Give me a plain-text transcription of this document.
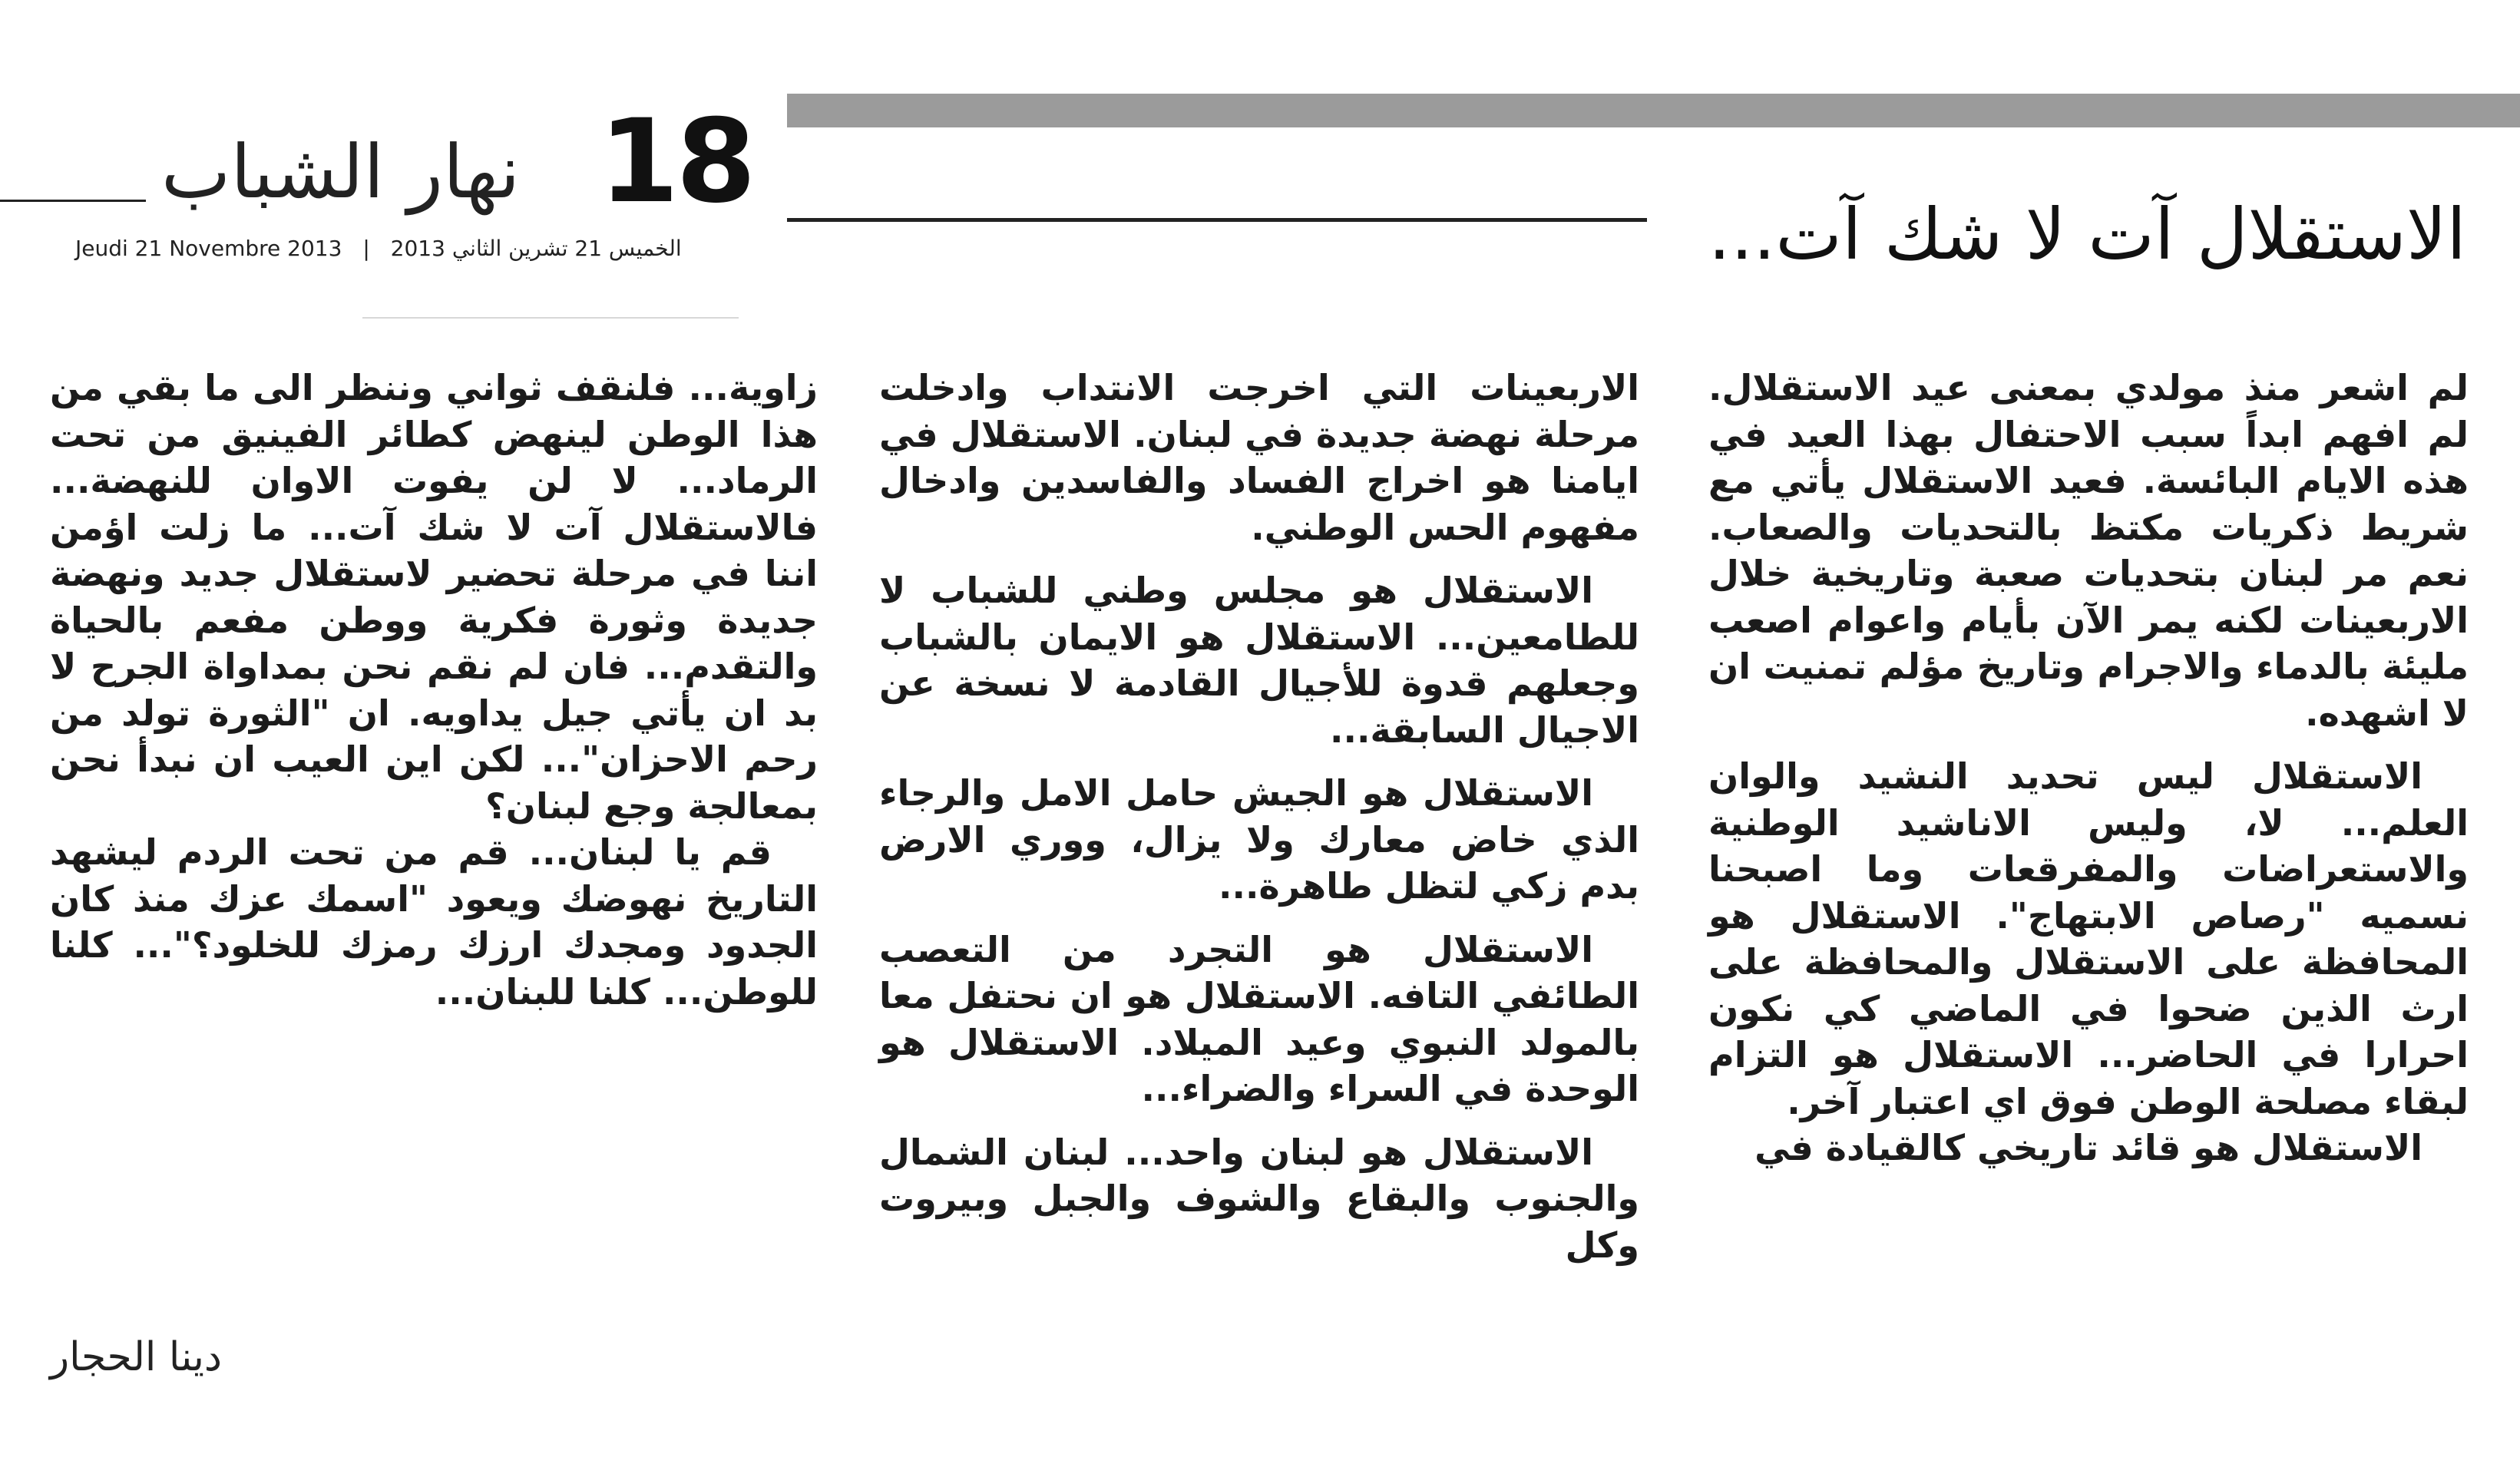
نهار الشباب 18
Jeudi 21 Novembre 2013 | الخميس 21 تشرين الثاني 2013	الاستقلال آت لا شك آت...

لم اشعر منذ مولدي بمعنى عيد الاستقلال. لم افهم ابداً سبب الاحتفال بهذا العيد في هذه الايام البائسة. فعيد الاستقلال يأتي مع شريط ذكريات مكتظ بالتحديات والصعاب. نعم مر لبنان بتحديات صعبة وتاريخية خلال الاربعينات لكنه يمر الآن بأيام واعوام اصعب مليئة بالدماء والاجرام وتاريخ مؤلم تمنيت ان لا اشهده.

الاستقلال ليس تحديد النشيد والوان العلم... لا، وليس الاناشيد الوطنية والاستعراضات والمفرقعات وما اصبحنا نسميه "رصاص الابتهاج". الاستقلال هو المحافظة على الاستقلال والمحافظة على ارث الذين ضحوا في الماضي كي نكون احرارا في الحاضر... الاستقلال هو التزام لبقاء مصلحة الوطن فوق اي اعتبار آخر.

الاستقلال هو قائد تاريخي كالقيادة في

الاربعينات التي اخرجت الانتداب وادخلت مرحلة نهضة جديدة في لبنان. الاستقلال في ايامنا هو اخراج الفساد والفاسدين وادخال مفهوم الحس الوطني.

الاستقلال هو مجلس وطني للشباب لا للطامعين... الاستقلال هو الايمان بالشباب وجعلهم قدوة للأجيال القادمة لا نسخة عن الاجيال السابقة...

الاستقلال هو الجيش حامل الامل والرجاء الذي خاض معارك ولا يزال، ووري الارض بدم زكي لتظل طاهرة...

الاستقلال هو التجرد من التعصب الطائفي التافه. الاستقلال هو ان نحتفل معا بالمولد النبوي وعيد الميلاد. الاستقلال هو الوحدة في السراء والضراء...

الاستقلال هو لبنان واحد... لبنان الشمال والجنوب والبقاع والشوف والجبل وبيروت وكل

زاوية... فلنقف ثواني وننظر الى ما بقي من هذا الوطن لينهض كطائر الفينيق من تحت الرماد... لا لن يفوت الاوان للنهضة... فالاستقلال آت لا شك آت... ما زلت اؤمن اننا في مرحلة تحضير لاستقلال جديد ونهضة جديدة وثورة فكرية ووطن مفعم بالحياة والتقدم... فان لم نقم نحن بمداواة الجرح لا بد ان يأتي جيل يداويه. ان "الثورة تولد من رحم الاحزان"... لكن اين العيب ان نبدأ نحن بمعالجة وجع لبنان؟

قم يا لبنان... قم من تحت الردم ليشهد التاريخ نهوضك ويعود "اسمك عزك منذ كان الجدود ومجدك ارزك رمزك للخلود؟"... كلنا للوطن... كلنا للبنان...

دينا الحجار
